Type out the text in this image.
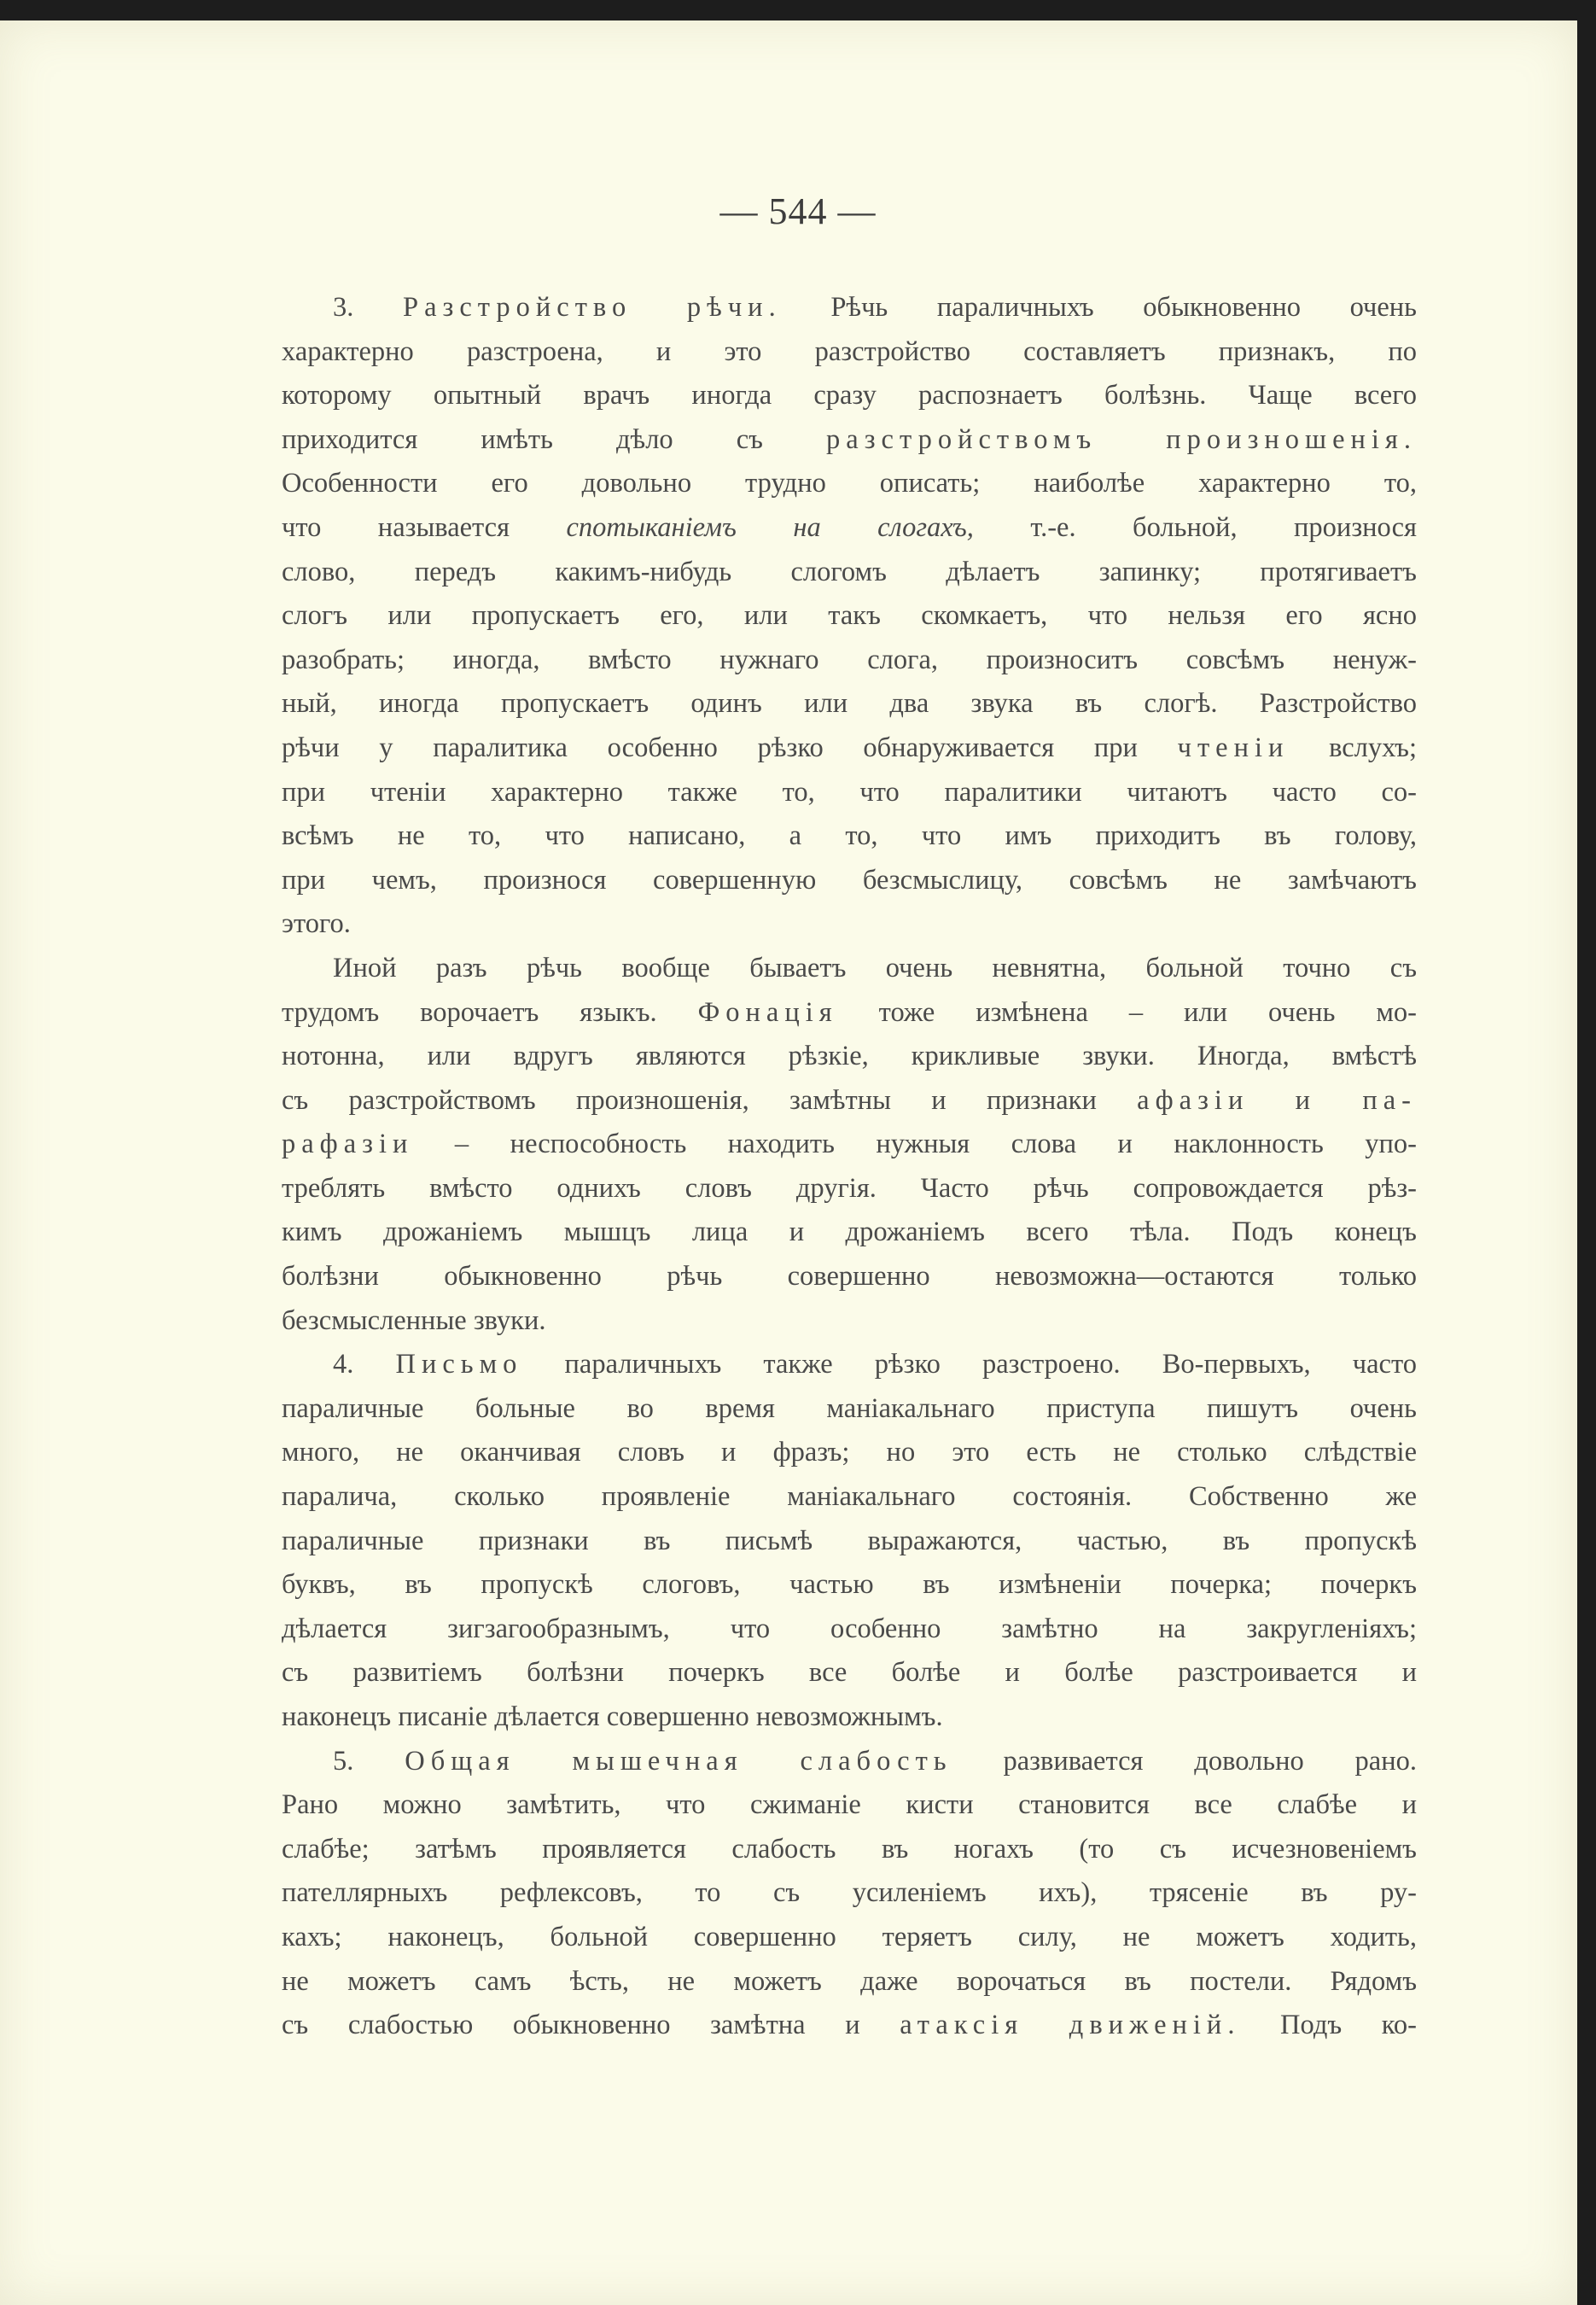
— 544 —
3. Разстройство рѣчи. Рѣчь параличныхъ обыкновенно очень
характерно разстроена, и это разстройство составляетъ признакъ, по
которому опытный врачъ иногда сразу распознаетъ болѣзнь. Чаще всего
приходится имѣть дѣло съ разстройствомъ произношенія.
Особенности его довольно трудно описать; наиболѣе характерно то,
что называется спотыканіемъ на слогахъ, т.-е. больной, произнося
слово, передъ какимъ-нибудь слогомъ дѣлаетъ запинку; протягиваетъ
слогъ или пропускаетъ его, или такъ скомкаетъ, что нельзя его ясно
разобрать; иногда, вмѣсто нужнаго слога, произноситъ совсѣмъ ненуж-
ный, иногда пропускаетъ одинъ или два звука въ слогѣ. Разстройство
рѣчи у паралитика особенно рѣзко обнаруживается при чтеніи вслухъ;
при чтеніи характерно также то, что паралитики читаютъ часто со-
всѣмъ не то, что написано, а то, что имъ приходитъ въ голову,
при чемъ, произнося совершенную безсмыслицу, совсѣмъ не замѣчаютъ
этого.
Иной разъ рѣчь вообще бываетъ очень невнятна, больной точно съ
трудомъ ворочаетъ языкъ. Фонація тоже измѣнена – или очень мо-
нотонна, или вдругъ являются рѣзкіе, крикливые звуки. Иногда, вмѣстѣ
съ разстройствомъ произношенія, замѣтны и признаки афазіи и па-
рафазіи – неспособность находить нужныя слова и наклонность упо-
треблять вмѣсто однихъ словъ другія. Часто рѣчь сопровождается рѣз-
кимъ дрожаніемъ мышцъ лица и дрожаніемъ всего тѣла. Подъ конецъ
болѣзни обыкновенно рѣчь совершенно невозможна—остаются только
безсмысленные звуки.
4. Письмо параличныхъ также рѣзко разстроено. Во-первыхъ, часто
параличные больные во время маніакальнаго приступа пишутъ очень
много, не оканчивая словъ и фразъ; но это есть не столько слѣдствіе
паралича, сколько проявленіе маніакальнаго состоянія. Собственно же
параличные признаки въ письмѣ выражаются, частью, въ пропускѣ
буквъ, въ пропускѣ слоговъ, частью въ измѣненіи почерка; почеркъ
дѣлается зигзагообразнымъ, что особенно замѣтно на закругленіяхъ;
съ развитіемъ болѣзни почеркъ все болѣе и болѣе разстроивается и
наконецъ писаніе дѣлается совершенно невозможнымъ.
5. Общая мышечная слабость развивается довольно рано.
Рано можно замѣтить, что сжиманіе кисти становится все слабѣе и
слабѣе; затѣмъ проявляется слабость въ ногахъ (то съ исчезновеніемъ
пателлярныхъ рефлексовъ, то съ усиленіемъ ихъ), трясеніе въ ру-
кахъ; наконецъ, больной совершенно теряетъ силу, не можетъ ходить,
не можетъ самъ ѣсть, не можетъ даже ворочаться въ постели. Рядомъ
съ слабостью обыкновенно замѣтна и атаксія движеній. Подъ ко-
